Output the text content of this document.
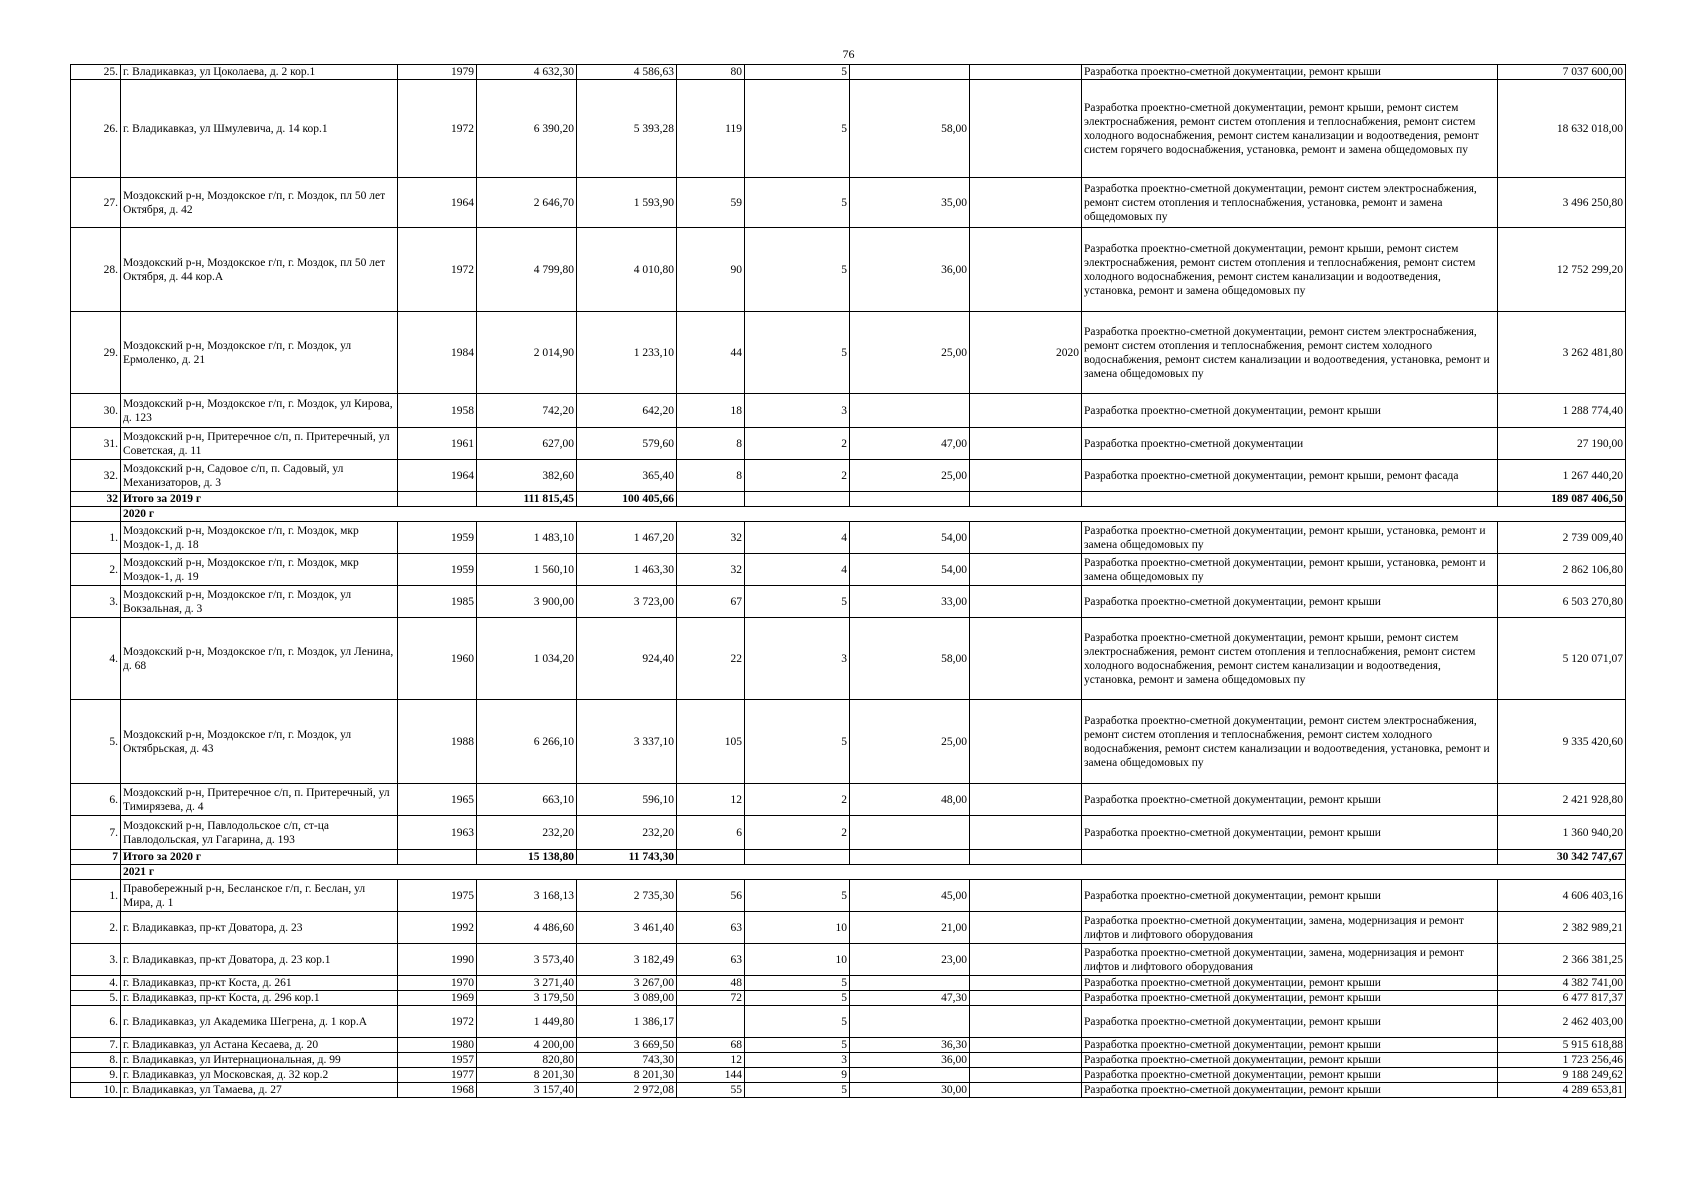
76
25.	г. Владикавказ, ул Цоколаева, д. 2 кор.1	1979	4 632,30	4 586,63	80	5			Разработка проектно-сметной документации, ремонт крыши	7 037 600,00
26.	г. Владикавказ, ул Шмулевича, д. 14 кор.1	1972	6 390,20	5 393,28	119	5	58,00		Разработка проектно-сметной документации, ремонт крыши, ремонт систем электроснабжения, ремонт систем отопления и теплоснабжения, ремонт систем холодного водоснабжения, ремонт систем канализации и водоотведения, ремонт систем горячего водоснабжения, установка, ремонт и замена общедомовых пу	18 632 018,00
27.	Моздокский р-н, Моздокское г/п, г. Моздок, пл 50 лет Октября, д. 42	1964	2 646,70	1 593,90	59	5	35,00		Разработка проектно-сметной документации, ремонт систем электроснабжения, ремонт систем отопления и теплоснабжения, установка, ремонт и замена общедомовых пу	3 496 250,80
28.	Моздокский р-н, Моздокское г/п, г. Моздок, пл 50 лет Октября, д. 44 кор.А	1972	4 799,80	4 010,80	90	5	36,00		Разработка проектно-сметной документации, ремонт крыши, ремонт систем электроснабжения, ремонт систем отопления и теплоснабжения, ремонт систем холодного водоснабжения, ремонт систем канализации и водоотведения, установка, ремонт и замена общедомовых пу	12 752 299,20
29.	Моздокский р-н, Моздокское г/п, г. Моздок, ул Ермоленко, д. 21	1984	2 014,90	1 233,10	44	5	25,00	2020	Разработка проектно-сметной документации, ремонт систем электроснабжения, ремонт систем отопления и теплоснабжения, ремонт систем холодного водоснабжения, ремонт систем канализации и водоотведения, установка, ремонт и замена общедомовых пу	3 262 481,80
30.	Моздокский р-н, Моздокское г/п, г. Моздок, ул Кирова, д. 123	1958	742,20	642,20	18	3			Разработка проектно-сметной документации, ремонт крыши	1 288 774,40
31.	Моздокский р-н, Притеречное с/п, п. Притеречный, ул Советская, д. 11	1961	627,00	579,60	8	2	47,00		Разработка проектно-сметной документации	27 190,00
32.	Моздокский р-н, Садовое с/п, п. Садовый, ул Механизаторов, д. 3	1964	382,60	365,40	8	2	25,00		Разработка проектно-сметной документации, ремонт крыши, ремонт фасада	1 267 440,20
32	Итого за 2019 г		111 815,45	100 405,66						189 087 406,50
	2020 г									
1.	Моздокский р-н, Моздокское г/п, г. Моздок, мкр Моздок-1, д. 18	1959	1 483,10	1 467,20	32	4	54,00		Разработка проектно-сметной документации, ремонт крыши, установка, ремонт и замена общедомовых пу	2 739 009,40
2.	Моздокский р-н, Моздокское г/п, г. Моздок, мкр Моздок-1, д. 19	1959	1 560,10	1 463,30	32	4	54,00		Разработка проектно-сметной документации, ремонт крыши, установка, ремонт и замена общедомовых пу	2 862 106,80
3.	Моздокский р-н, Моздокское г/п, г. Моздок, ул Вокзальная, д. 3	1985	3 900,00	3 723,00	67	5	33,00		Разработка проектно-сметной документации, ремонт крыши	6 503 270,80
4.	Моздокский р-н, Моздокское г/п, г. Моздок, ул Ленина, д. 68	1960	1 034,20	924,40	22	3	58,00		Разработка проектно-сметной документации, ремонт крыши, ремонт систем электроснабжения, ремонт систем отопления и теплоснабжения, ремонт систем холодного водоснабжения, ремонт систем канализации и водоотведения, установка, ремонт и замена общедомовых пу	5 120 071,07
5.	Моздокский р-н, Моздокское г/п, г. Моздок, ул Октябрьская, д. 43	1988	6 266,10	3 337,10	105	5	25,00		Разработка проектно-сметной документации, ремонт систем электроснабжения, ремонт систем отопления и теплоснабжения, ремонт систем холодного водоснабжения, ремонт систем канализации и водоотведения, установка, ремонт и замена общедомовых пу	9 335 420,60
6.	Моздокский р-н, Притеречное с/п, п. Притеречный, ул Тимирязева, д. 4	1965	663,10	596,10	12	2	48,00		Разработка проектно-сметной документации, ремонт крыши	2 421 928,80
7.	Моздокский р-н, Павлодольское с/п, ст-ца Павлодольская, ул Гагарина, д. 193	1963	232,20	232,20	6	2			Разработка проектно-сметной документации, ремонт крыши	1 360 940,20
7	Итого за 2020 г		15 138,80	11 743,30						30 342 747,67
	2021 г									
1.	Правобережный р-н, Бесланское г/п, г. Беслан, ул Мира, д. 1	1975	3 168,13	2 735,30	56	5	45,00		Разработка проектно-сметной документации, ремонт крыши	4 606 403,16
2.	г. Владикавказ, пр-кт Доватора, д. 23	1992	4 486,60	3 461,40	63	10	21,00		Разработка проектно-сметной документации, замена, модернизация и ремонт лифтов и лифтового оборудования	2 382 989,21
3.	г. Владикавказ, пр-кт Доватора, д. 23 кор.1	1990	3 573,40	3 182,49	63	10	23,00		Разработка проектно-сметной документации, замена, модернизация и ремонт лифтов и лифтового оборудования	2 366 381,25
4.	г. Владикавказ, пр-кт Коста, д. 261	1970	3 271,40	3 267,00	48	5			Разработка проектно-сметной документации, ремонт крыши	4 382 741,00
5.	г. Владикавказ, пр-кт Коста, д. 296 кор.1	1969	3 179,50	3 089,00	72	5	47,30		Разработка проектно-сметной документации, ремонт крыши	6 477 817,37
6.	г. Владикавказ, ул Академика Шегрена, д. 1 кор.А	1972	1 449,80	1 386,17		5			Разработка проектно-сметной документации, ремонт крыши	2 462 403,00
7.	г. Владикавказ, ул Астана Кесаева, д. 20	1980	4 200,00	3 669,50	68	5	36,30		Разработка проектно-сметной документации, ремонт крыши	5 915 618,88
8.	г. Владикавказ, ул Интернациональная, д. 99	1957	820,80	743,30	12	3	36,00		Разработка проектно-сметной документации, ремонт крыши	1 723 256,46
9.	г. Владикавказ, ул Московская, д. 32 кор.2	1977	8 201,30	8 201,30	144	9			Разработка проектно-сметной документации, ремонт крыши	9 188 249,62
10.	г. Владикавказ, ул Тамаева, д. 27	1968	3 157,40	2 972,08	55	5	30,00		Разработка проектно-сметной документации, ремонт крыши	4 289 653,81
